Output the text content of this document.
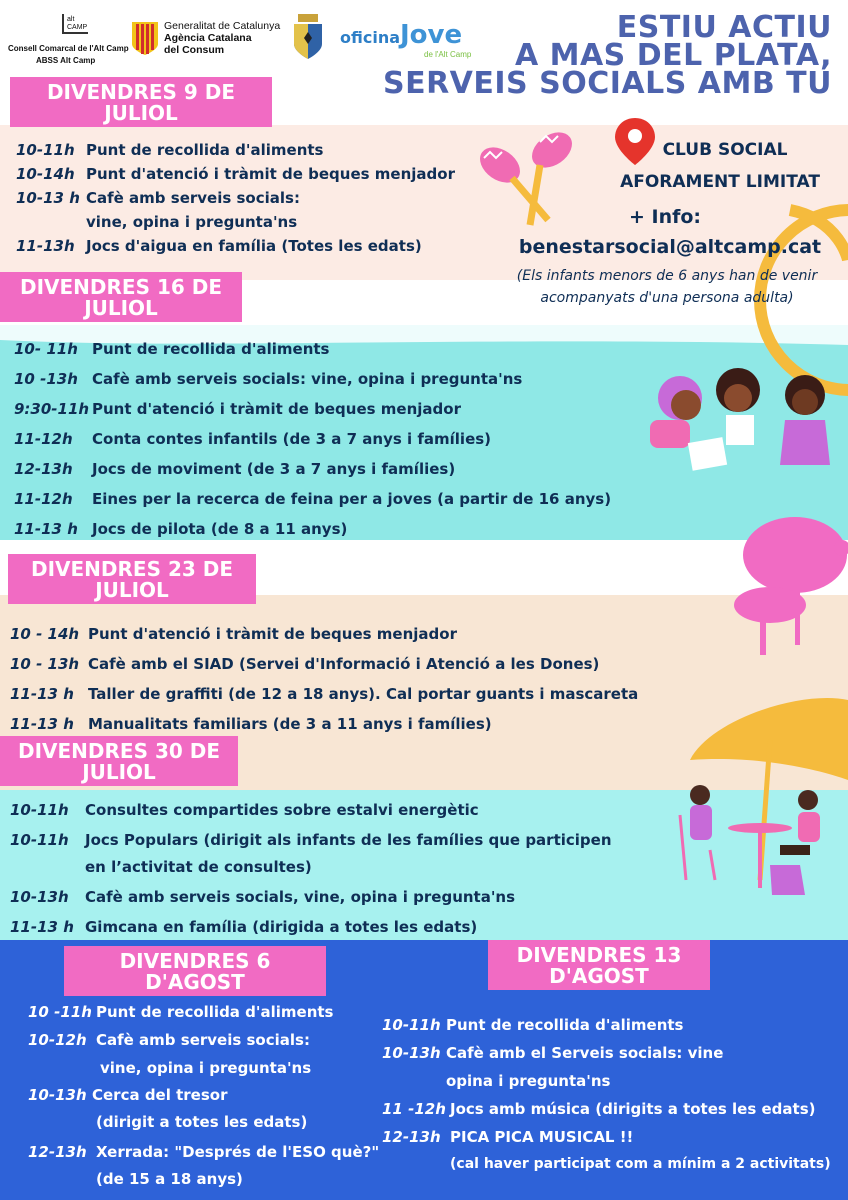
alt CAMP
Consell Comarcal de l'Alt Camp
ABSS Alt Camp
Generalitat de Catalunya
Agència Catalana
del Consum
oficina Jove
de l'Alt Camp
ESTIU ACTIU
A MAS DEL PLATA,
SERVEIS SOCIALS AMB TU
CLUB SOCIAL
AFORAMENT LIMITAT
+ Info:
benestarsocial@altcamp.cat
(Els infants menors de 6 anys han de venir
acompanyats d'una persona adulta)
DIVENDRES 9 DE
JULIOL
10-11h Punt de recollida d'aliments
10-14h Punt d'atenció i tràmit de beques menjador
10-13 h Cafè amb serveis socials:
vine, opina i pregunta'ns
11-13h Jocs d'aigua en família (Totes les edats)
DIVENDRES 16 DE
JULIOL
10- 11h Punt de recollida d'aliments
10 -13h Cafè amb serveis socials: vine, opina i pregunta'ns
9:30-11h Punt d'atenció i tràmit de beques menjador
11-12h Conta contes infantils (de 3 a 7 anys i famílies)
12-13h Jocs de moviment (de 3 a 7 anys i famílies)
11-12h Eines per la recerca de feina per a joves (a partir de 16 anys)
11-13 h Jocs de pilota (de 8 a 11 anys)
DIVENDRES 23 DE
JULIOL
10 - 14h Punt d'atenció i tràmit de beques menjador
10 - 13h Cafè amb el SIAD (Servei d'Informació i Atenció a les Dones)
11-13 h Taller de graffiti (de 12 a 18 anys). Cal portar guants i mascareta
11-13 h Manualitats familiars (de 3 a 11 anys i famílies)
DIVENDRES 30 DE
JULIOL
10-11h Consultes compartides sobre estalvi energètic
10-11h Jocs Populars (dirigit als infants de les famílies que participen
en l’activitat de consultes)
10-13h Cafè amb serveis socials, vine, opina i pregunta'ns
11-13 h Gimcana en família (dirigida a totes les edats)
DIVENDRES 6
D'AGOST
10 -11h Punt de recollida d'aliments
10-12h Cafè amb serveis socials:
vine, opina i pregunta'ns
10-13h Cerca del tresor
(dirigit a totes les edats)
12-13h Xerrada: "Després de l'ESO què?"
(de 15 a 18 anys)
DIVENDRES 13
D'AGOST
10-11h Punt de recollida d'aliments
10-13h Cafè amb el Serveis socials: vine
opina i pregunta'ns
11 -12h Jocs amb música (dirigits a totes les edats)
12-13h PICA PICA MUSICAL !!
(cal haver participat com a mínim a 2 activitats)
